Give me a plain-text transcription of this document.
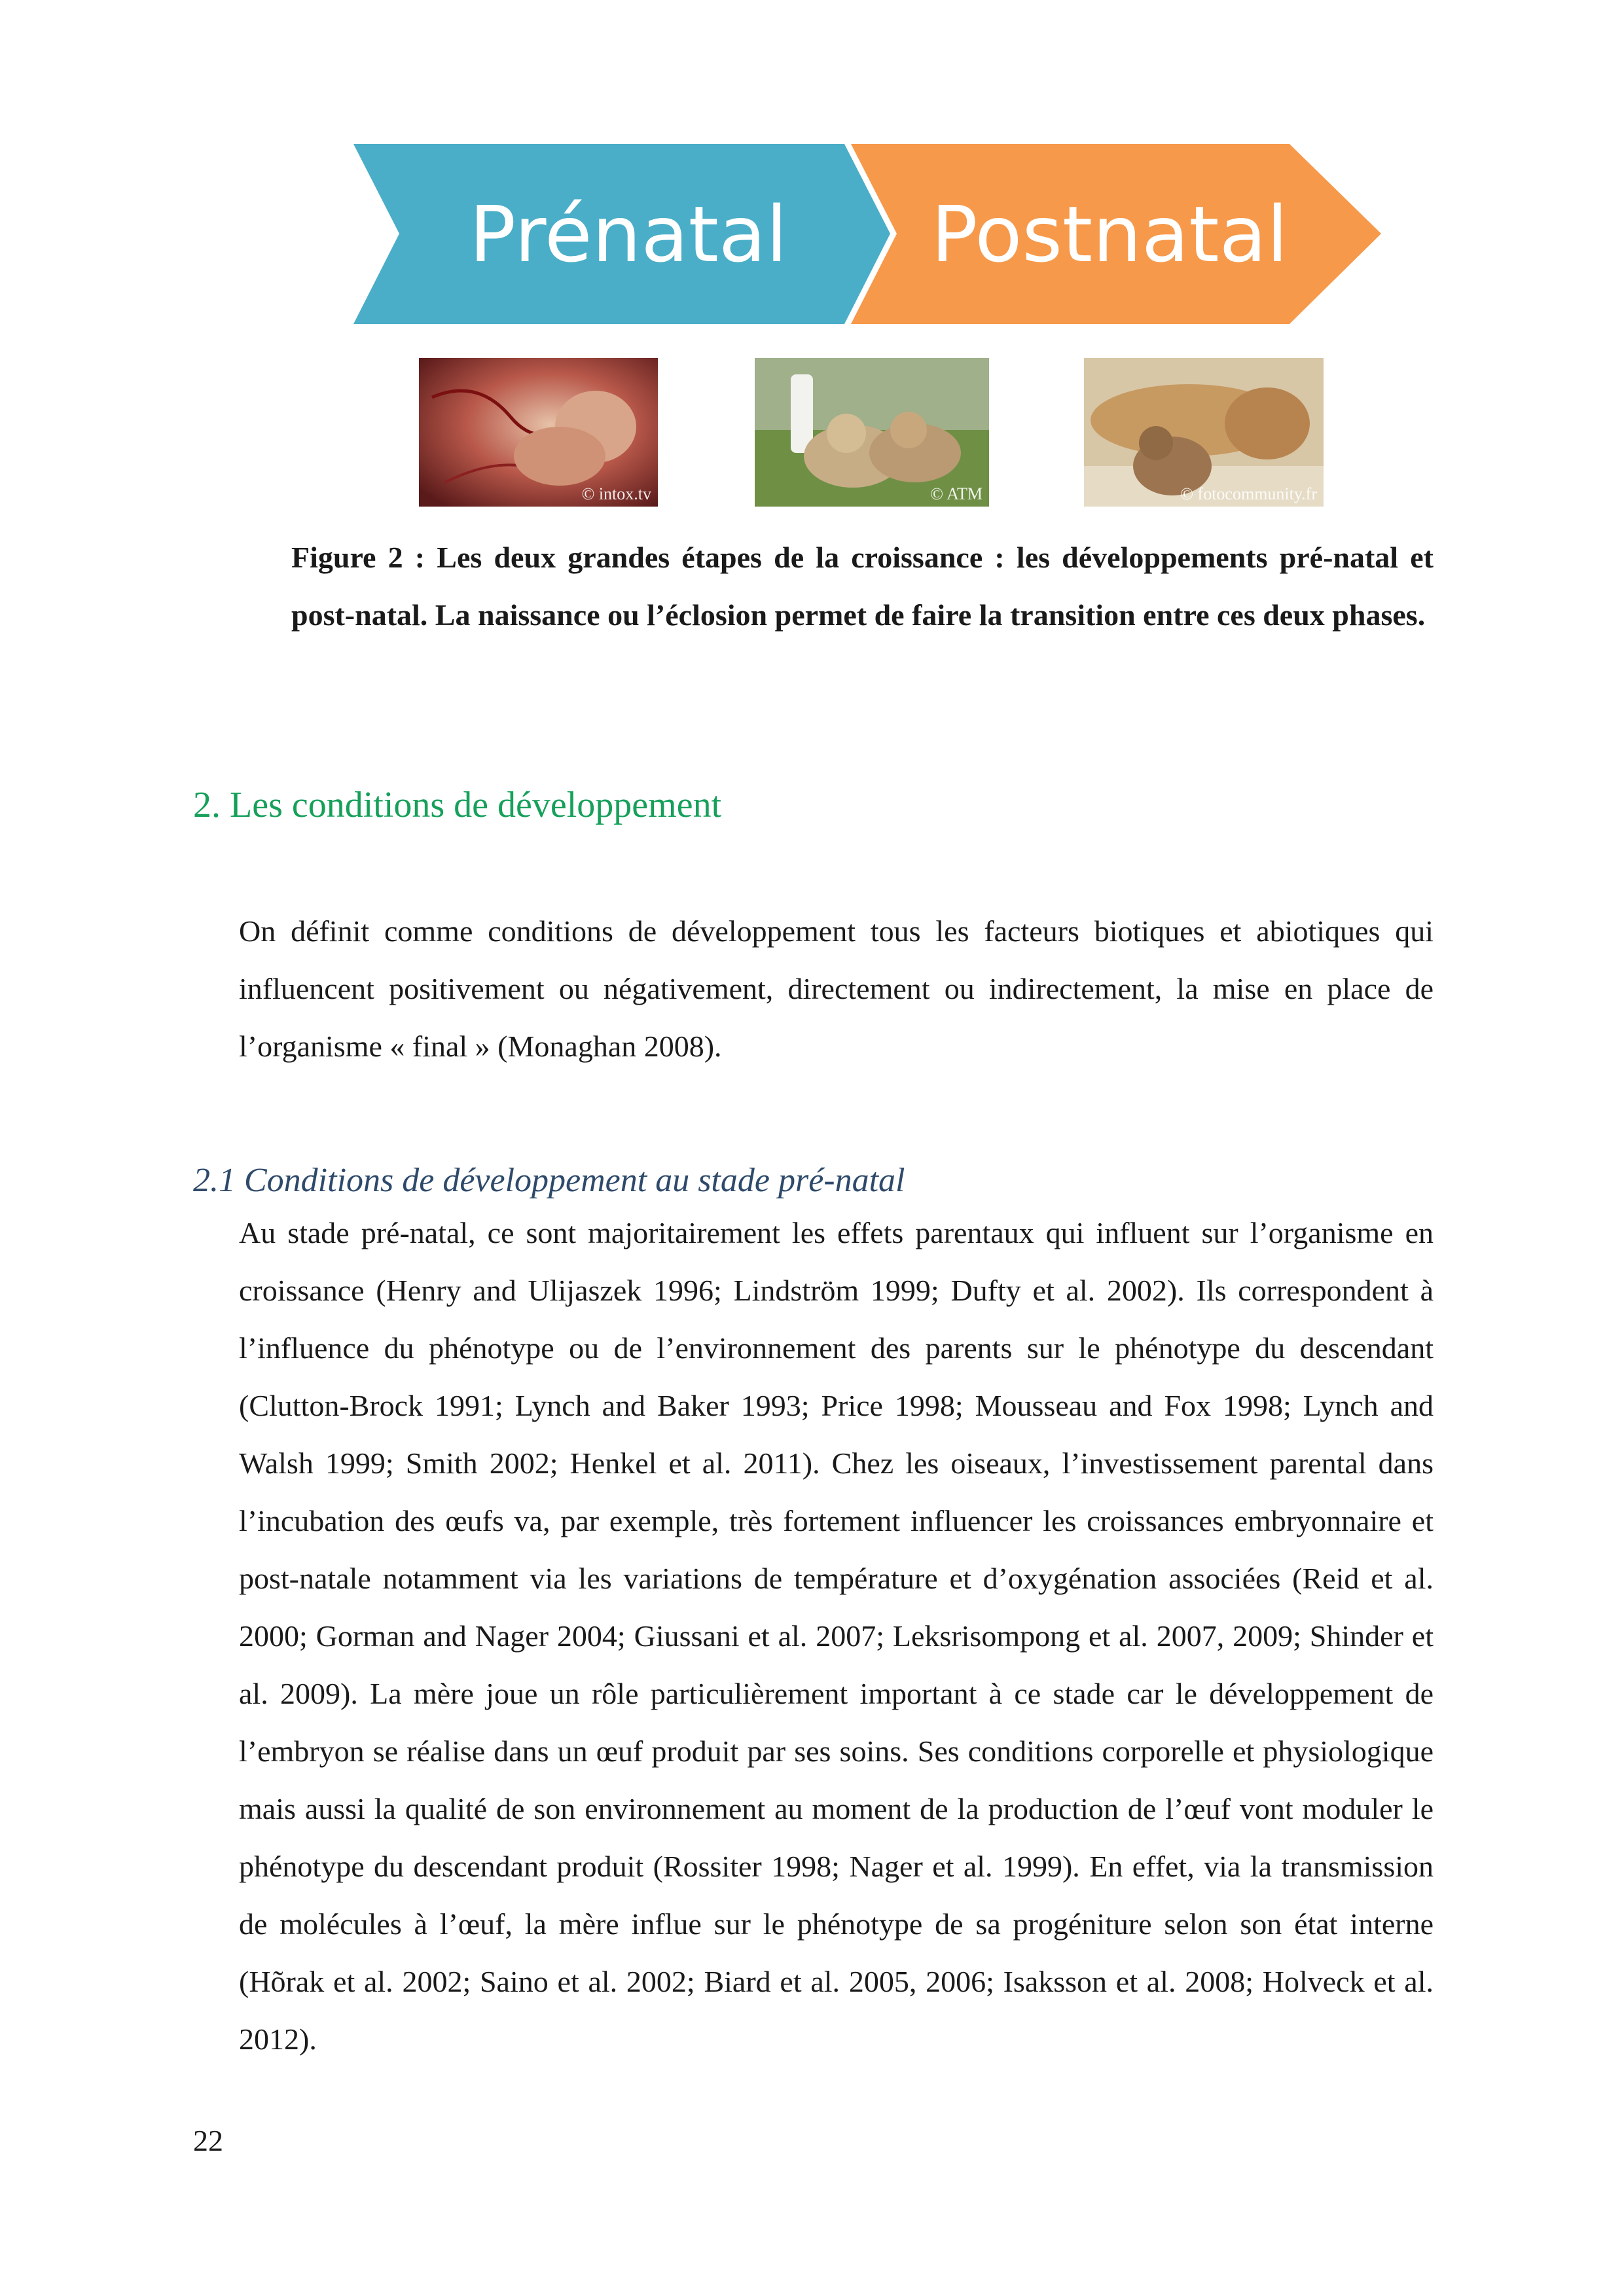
Prénatal	Postnatal
© intox.tv	© ATM	© fotocommunity.fr
Figure 2 : Les deux grandes étapes de la croissance : les développements pré-natal et post-natal. La naissance ou l’éclosion permet de faire la transition entre ces deux phases.
2. Les conditions de développement
On définit comme conditions de développement tous les facteurs biotiques et abiotiques qui influencent positivement ou négativement, directement ou indirectement, la mise en place de l’organisme « final » (Monaghan 2008).
2.1 Conditions de développement au stade pré-natal
Au stade pré-natal, ce sont majoritairement les effets parentaux qui influent sur l’organisme en croissance (Henry and Ulijaszek 1996; Lindström 1999; Dufty et al. 2002). Ils correspondent à l’influence du phénotype ou de l’environnement des parents sur le phénotype du descendant (Clutton-Brock 1991; Lynch and Baker 1993; Price 1998; Mousseau and Fox 1998; Lynch and Walsh 1999; Smith 2002; Henkel et al. 2011). Chez les oiseaux, l’investissement parental dans l’incubation des œufs va, par exemple, très fortement influencer les croissances embryonnaire et post-natale notamment via les variations de température et d’oxygénation associées (Reid et al. 2000; Gorman and Nager 2004; Giussani et al. 2007; Leksrisompong et al. 2007, 2009; Shinder et al. 2009). La mère joue un rôle particulièrement important à ce stade car le développement de l’embryon se réalise dans un œuf produit par ses soins. Ses conditions corporelle et physiologique mais aussi la qualité de son environnement au moment de la production de l’œuf vont moduler le phénotype du descendant produit (Rossiter 1998; Nager et al. 1999). En effet, via la transmission de molécules à l’œuf, la mère influe sur le phénotype de sa progéniture selon son état interne (Hõrak et al. 2002; Saino et al. 2002; Biard et al. 2005, 2006; Isaksson et al. 2008; Holveck et al. 2012).
22
